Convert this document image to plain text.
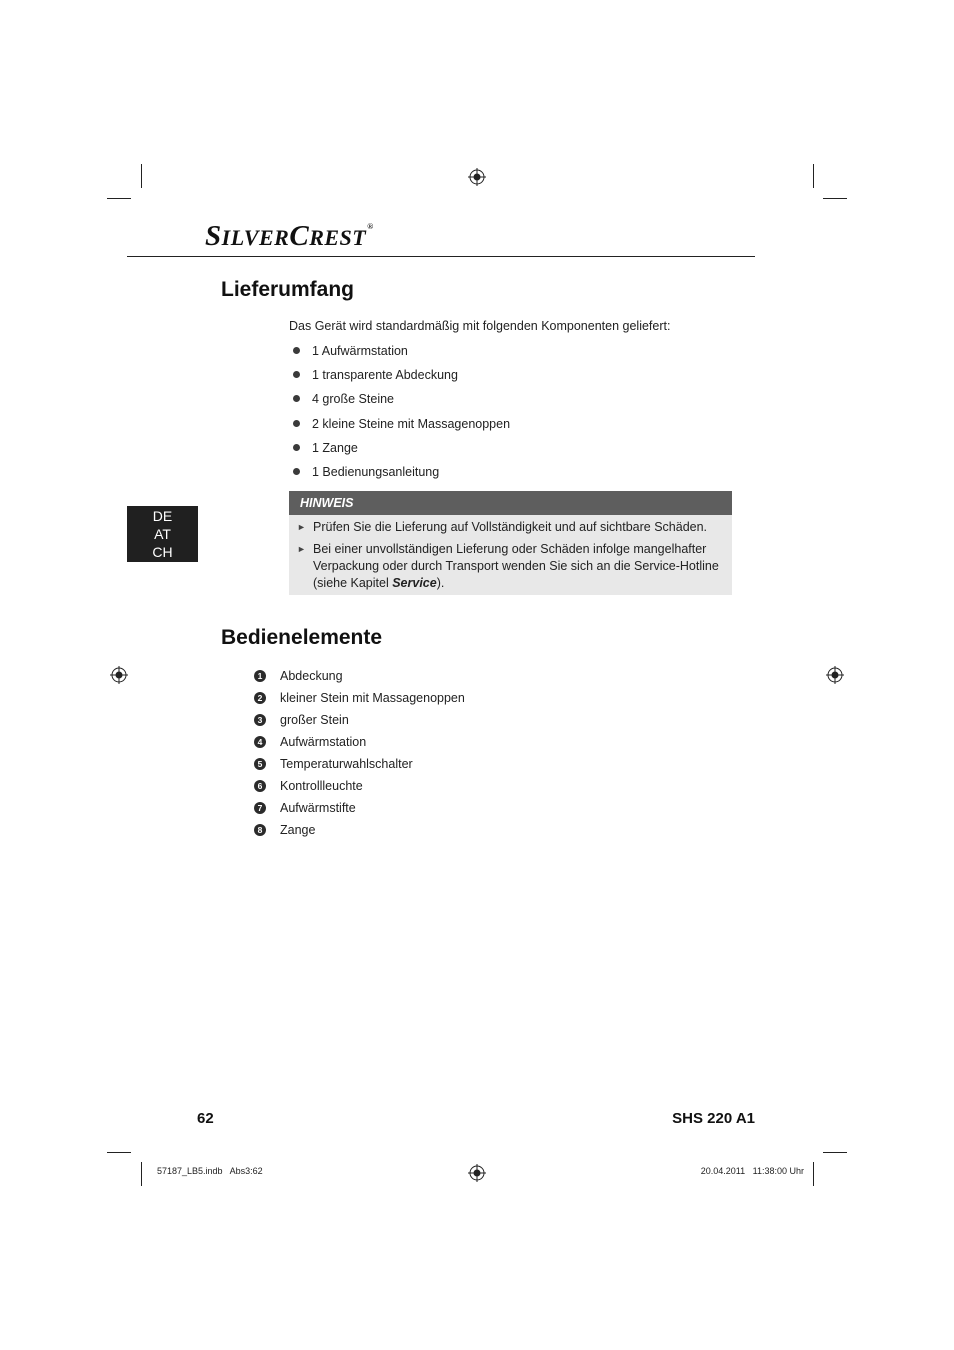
SILVERCREST®
Lieferumfang
Das Gerät wird standardmäßig mit folgenden Komponenten geliefert:
1 Aufwärmstation
1 transparente Abdeckung
4 große Steine
2 kleine Steine mit Massagenoppen
1 Zange
1 Bedienungsanleitung
DE
AT
CH
HINWEIS
► Prüfen Sie die Lieferung auf Vollständigkeit und auf sichtbare Schäden.
► Bei einer unvollständigen Lieferung oder Schäden infolge mangelhafter Verpackung oder durch Transport wenden Sie sich an die Service-Hotline (siehe Kapitel Service).
Bedienelemente
1 Abdeckung
2 kleiner Stein mit Massagenoppen
3 großer Stein
4 Aufwärmstation
5 Temperaturwahlschalter
6 Kontrollleuchte
7 Aufwärmstifte
8 Zange
62	SHS 220 A1
57187_LB5.indb   Abs3:62	20.04.2011   11:38:00 Uhr
